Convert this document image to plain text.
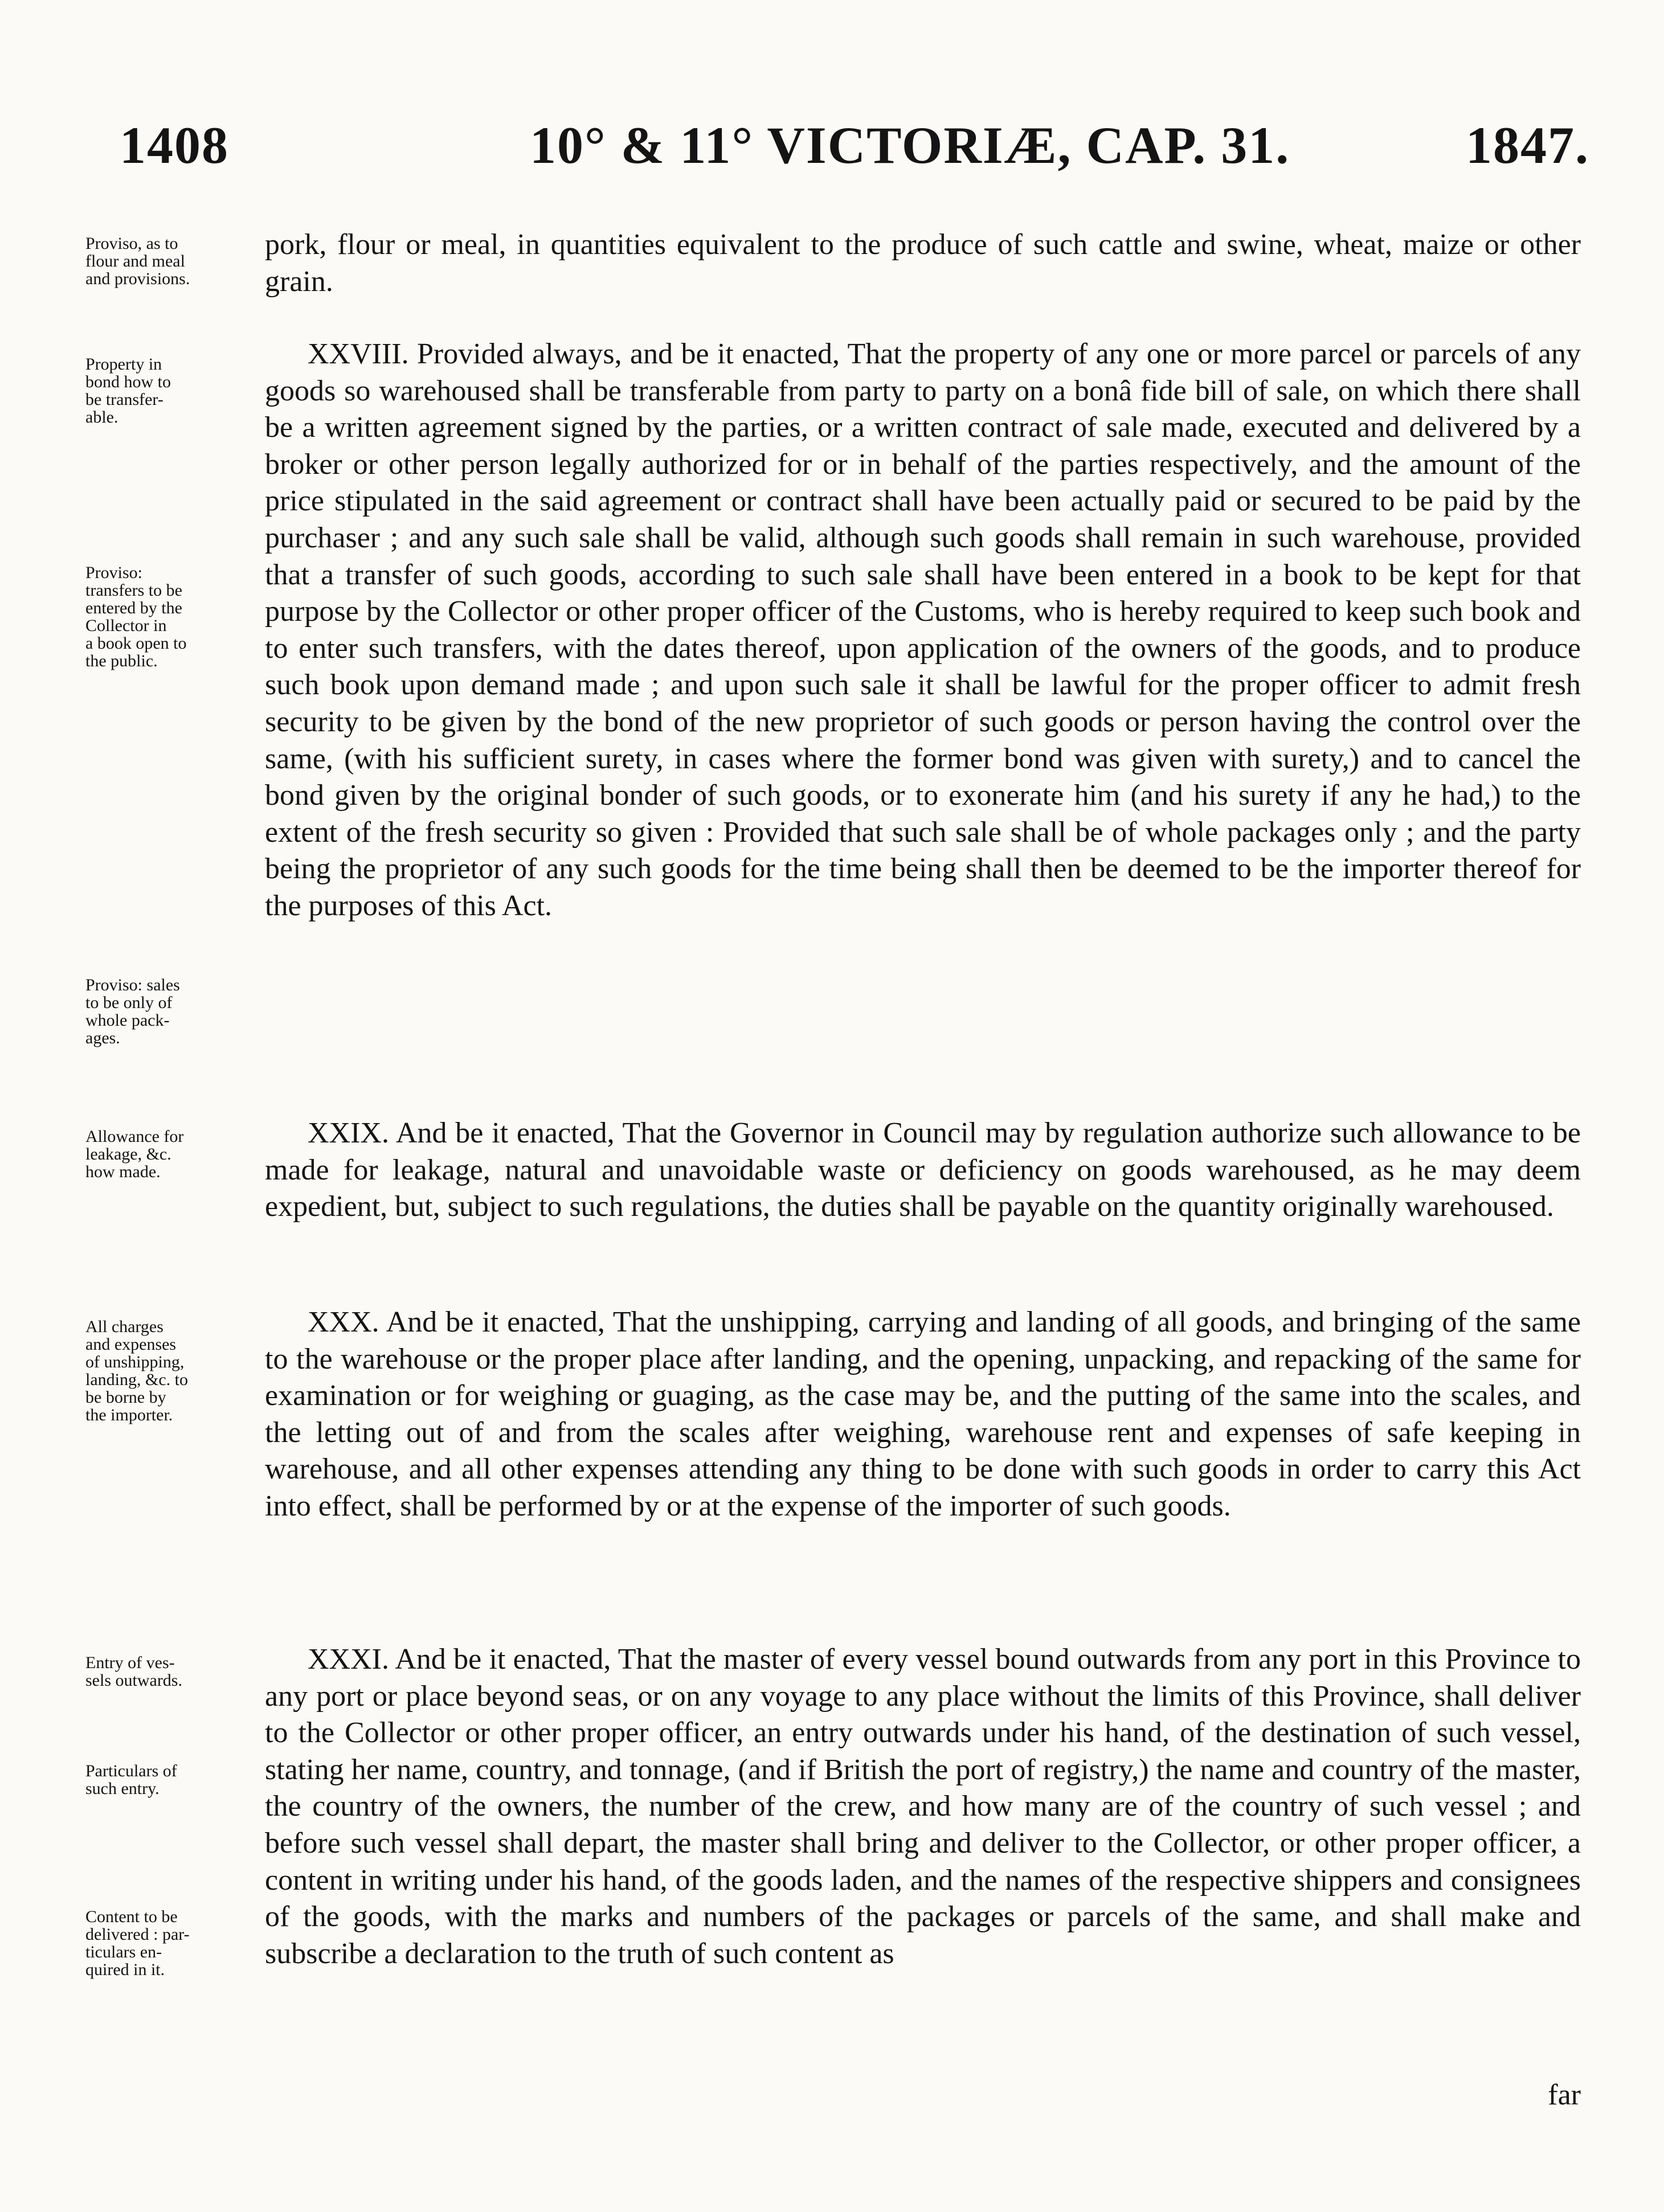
1408	10° & 11° VICTORIÆ, CAP. 31.	1847.
Proviso, as to
flour and meal
and provisions.

pork, flour or meal, in quantities equivalent to the produce of such cattle and swine, wheat, maize or other grain.

Property in
bond how to
be transfer-
able.
Proviso:
transfers to be
entered by the
Collector in
a book open to
the public.
Proviso: sales
to be only of
whole pack-
ages.

XXVIII. Provided always, and be it enacted, That the property of any one or more parcel or parcels of any goods so warehoused shall be transferable from party to party on a bonâ fide bill of sale, on which there shall be a written agreement signed by the parties, or a written contract of sale made, executed and delivered by a broker or other person legally authorized for or in behalf of the parties respectively, and the amount of the price stipulated in the said agreement or contract shall have been actually paid or secured to be paid by the purchaser ; and any such sale shall be valid, although such goods shall remain in such warehouse, provided that a transfer of such goods, according to such sale shall have been entered in a book to be kept for that purpose by the Collector or other proper officer of the Customs, who is hereby required to keep such book and to enter such transfers, with the dates thereof, upon application of the owners of the goods, and to produce such book upon demand made ; and upon such sale it shall be lawful for the proper officer to admit fresh security to be given by the bond of the new proprietor of such goods or person having the control over the same, (with his sufficient surety, in cases where the former bond was given with surety,) and to cancel the bond given by the original bonder of such goods, or to exonerate him (and his surety if any he had,) to the extent of the fresh security so given : Provided that such sale shall be of whole packages only ; and the party being the proprietor of any such goods for the time being shall then be deemed to be the importer thereof for the purposes of this Act.

Allowance for
leakage, &c.
how made.

XXIX. And be it enacted, That the Governor in Council may by regulation authorize such allowance to be made for leakage, natural and unavoidable waste or deficiency on goods warehoused, as he may deem expedient, but, subject to such regulations, the duties shall be payable on the quantity originally warehoused.

All charges
and expenses
of unshipping,
landing, &c. to
be borne by
the importer.

XXX. And be it enacted, That the unshipping, carrying and landing of all goods, and bringing of the same to the warehouse or the proper place after landing, and the opening, unpacking, and repacking of the same for examination or for weighing or guaging, as the case may be, and the putting of the same into the scales, and the letting out of and from the scales after weighing, warehouse rent and expenses of safe keeping in warehouse, and all other expenses attending any thing to be done with such goods in order to carry this Act into effect, shall be performed by or at the expense of the importer of such goods.

Entry of ves-
sels outwards.
Particulars of
such entry.
Content to be
delivered : par-
ticulars en-
quired in it.

XXXI. And be it enacted, That the master of every vessel bound outwards from any port in this Province to any port or place beyond seas, or on any voyage to any place without the limits of this Province, shall deliver to the Collector or other proper officer, an entry outwards under his hand, of the destination of such vessel, stating her name, country, and tonnage, (and if British the port of registry,) the name and country of the master, the country of the owners, the number of the crew, and how many are of the country of such vessel ; and before such vessel shall depart, the master shall bring and deliver to the Collector, or other proper officer, a content in writing under his hand, of the goods laden, and the names of the respective shippers and consignees of the goods, with the marks and numbers of the packages or parcels of the same, and shall make and subscribe a declaration to the truth of such content as

far
